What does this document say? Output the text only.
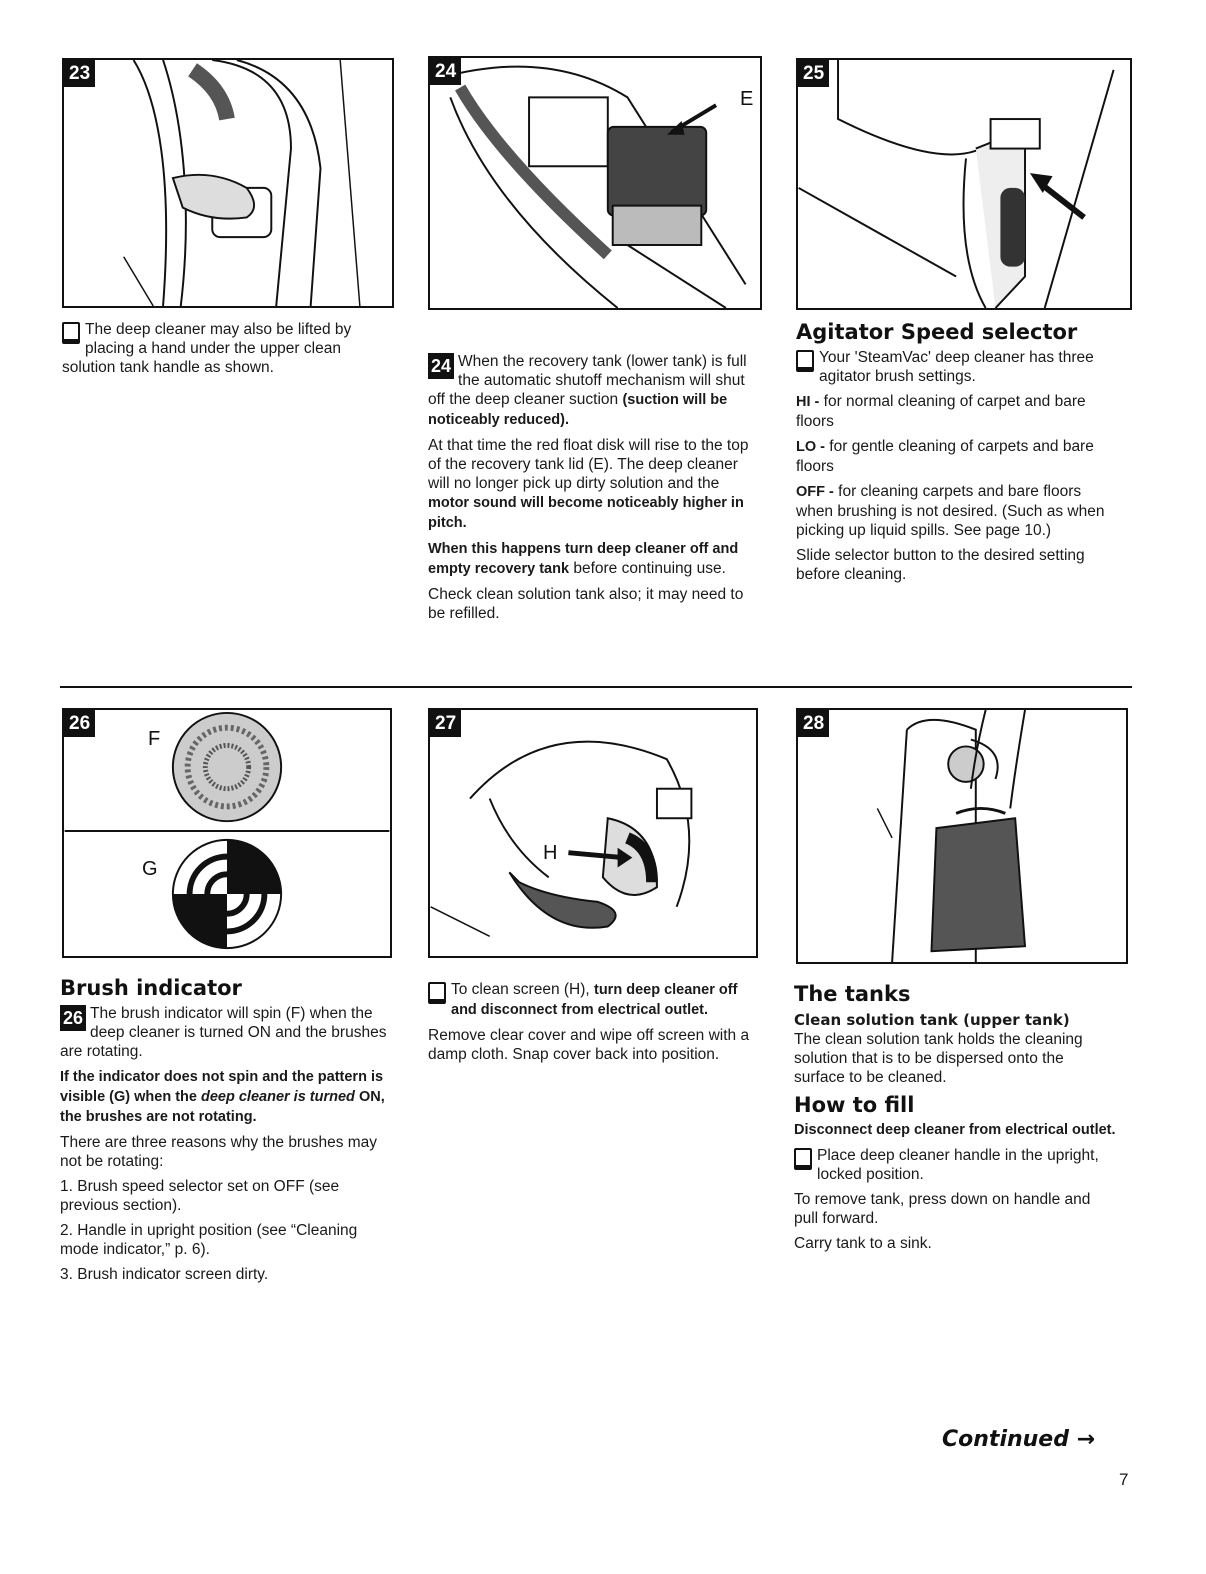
23	24
E
25

The deep cleaner may also be lifted by placing a hand under the upper clean solution tank handle as shown.	24 When the recovery tank (lower tank) is full the automatic shutoff mechanism will shut off the deep cleaner suction (suction will be noticeably reduced).

At that time the red float disk will rise to the top of the recovery tank lid (E). The deep cleaner will no longer pick up dirty solution and the motor sound will become noticeably higher in pitch.

When this happens turn deep cleaner off and empty recovery tank before continuing use.

Check clean solution tank also; it may need to be refilled.

Agitator Speed selector

Your 'SteamVac' deep cleaner has three agitator brush settings.

HI - for normal cleaning of carpet and bare floors

LO - for gentle cleaning of carpets and bare floors

OFF - for cleaning carpets and bare floors when brushing is not desired. (Such as when picking up liquid spills. See page 10.)

Slide selector button to the desired setting before cleaning.

26
F
G
27
H
28
Brush indicator

26 The brush indicator will spin (F) when the deep cleaner is turned ON and the brushes are rotating.

If the indicator does not spin and the pattern is visible (G) when the deep cleaner is turned ON, the brushes are not rotating.

There are three reasons why the brushes may not be rotating:

1. Brush speed selector set on OFF (see previous section).

2. Handle in upright position (see “Cleaning mode indicator,” p. 6).

3. Brush indicator screen dirty.

To clean screen (H), turn deep cleaner off and disconnect from electrical outlet.

Remove clear cover and wipe off screen with a damp cloth. Snap cover back into position.

The tanks
Clean solution tank (upper tank)

The clean solution tank holds the cleaning solution that is to be dispersed onto the surface to be cleaned.

How to fill

Disconnect deep cleaner from electrical outlet.

Place deep cleaner handle in the upright, locked position.

To remove tank, press down on handle and pull forward.

Carry tank to a sink.

Continued →
7
